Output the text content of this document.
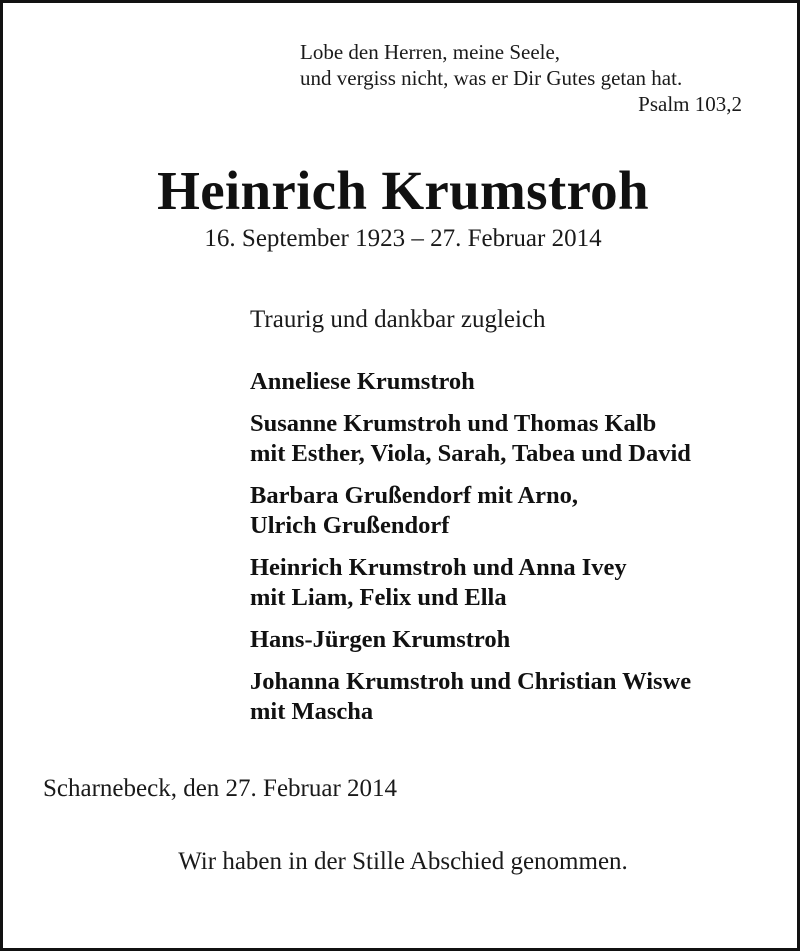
Lobe den Herren, meine Seele,
und vergiss nicht, was er Dir Gutes getan hat.
Psalm 103,2
Heinrich Krumstroh
16. September 1923 – 27. Februar 2014
Traurig und dankbar zugleich
Anneliese Krumstroh
Susanne Krumstroh und Thomas Kalb
mit Esther, Viola, Sarah, Tabea und David
Barbara Grußendorf mit Arno,
Ulrich Grußendorf
Heinrich Krumstroh und Anna Ivey
mit Liam, Felix und Ella
Hans-Jürgen Krumstroh
Johanna Krumstroh und Christian Wiswe
mit Mascha
Scharnebeck, den 27. Februar 2014
Wir haben in der Stille Abschied genommen.
